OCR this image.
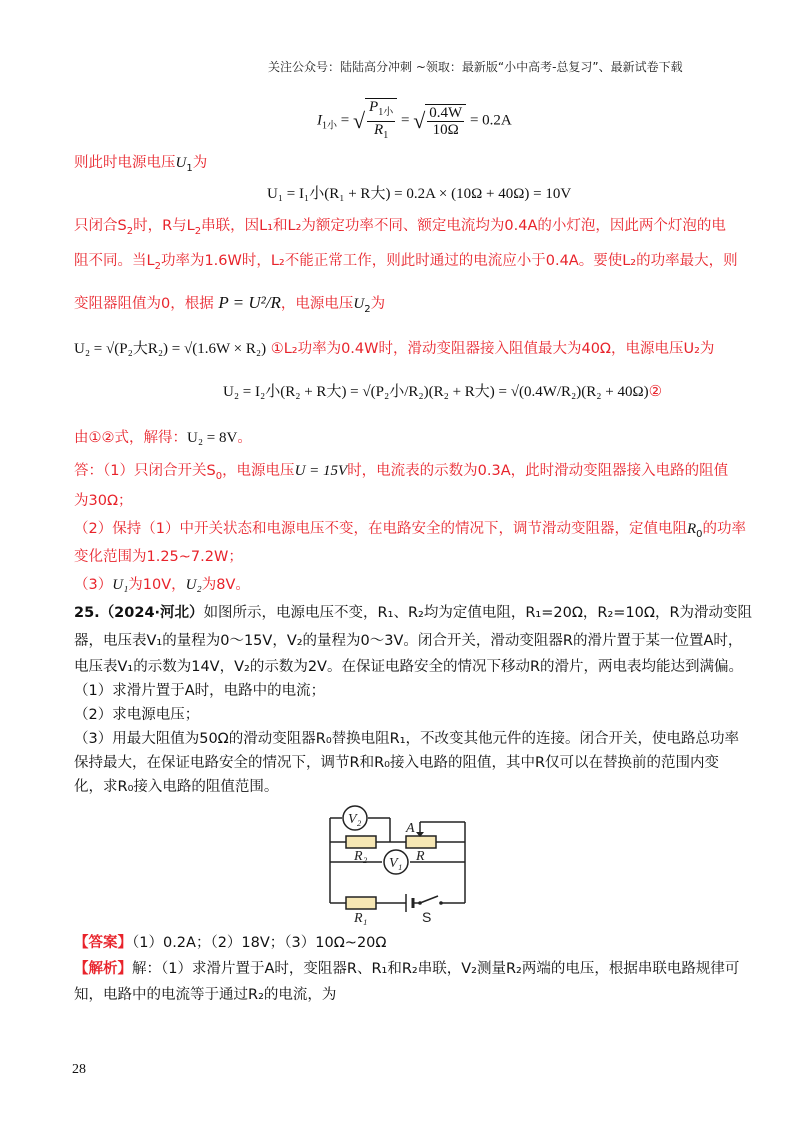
关注公众号：陆陆高分冲刺 ~领取：最新版“小中高考-总复习”、最新试卷下载
$I_{1小}$ = √ $\frac{P_{1小}}{R_1}$ = √ $\frac{0.4W}{10\Omega} = 0.2A$
则此时电源电压$U_1$为
U₁ = I₁小(R₁ + R大) = 0.2A × (10Ω + 40Ω) = 10V
只闭合$S_2$时，R与$L_2$串联，因L₁和L₂为额定功率不同、额定电流均为0.4A的小灯泡，因此两个灯泡的电
阻不同。当$L_2$功率为1.6W时，L₂不能正常工作，则此时通过的电流应小于0.4A。要使L₂的功率最大，则
变阻器阻值为0，根据 P = U²/R，电源电压$U_2$为
U₂ = √(P₂大R₂) = √(1.6W × R₂) ①L₂功率为0.4W时，滑动变阻器接入阻值最大为40Ω，电源电压U₂为
U₂ = I₂小(R₂ + R大) = √(P₂小/R₂)(R₂ + R大) = √(0.4W/R₂)(R₂ + 40Ω)②
由①②式，解得：U₂ = 8V。
答：（1）只闭合开关$S_0$，电源电压U = 15V时，电流表的示数为0.3A，此时滑动变阻器接入电路的阻值
为30Ω；
（2）保持（1）中开关状态和电源电压不变，在电路安全的情况下，调节滑动变阻器，定值电阻$R_0$的功率
变化范围为1.25~7.2W；
（3）U₁为10V，U₂为8V。
25.（2024·河北）如图所示，电源电压不变，R₁、R₂均为定值电阻，R₁=20Ω，R₂=10Ω，R为滑动变阻
器，电压表V₁的量程为0～15V，V₂的量程为0～3V。闭合开关，滑动变阻器R的滑片置于某一位置A时，
电压表V₁的示数为14V，V₂的示数为2V。在保证电路安全的情况下移动R的滑片，两电表均能达到满偏。
（1）求滑片置于A时，电路中的电流；
（2）求电源电压；
（3）用最大阻值为50Ω的滑动变阻器R₀替换电阻R₁，不改变其他元件的连接。闭合开关，使电路总功率
保持最大，在保证电路安全的情况下，调节R和R₀接入电路的阻值，其中R仅可以在替换前的范围内变
化，求R₀接入电路的阻值范围。
V₂
R₂
A
R
V₁
R₁	S
【答案】（1）0.2A；（2）18V；（3）10Ω~20Ω
【解析】解：（1）求滑片置于A时，变阻器R、R₁和R₂串联，V₂测量R₂两端的电压，根据串联电路规律可
知，电路中的电流等于通过R₂的电流，为
28
